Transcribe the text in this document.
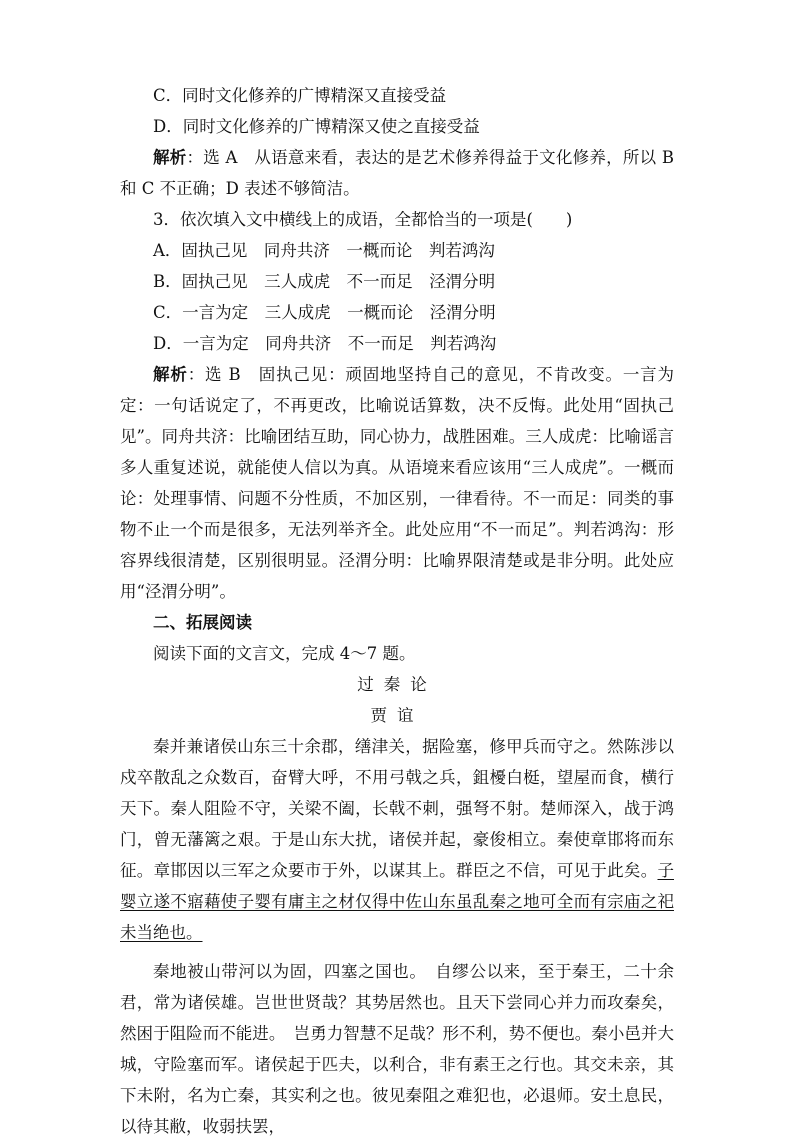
C．同时文化修养的广博精深又直接受益
D．同时文化修养的广博精深又使之直接受益
解析：选 A　从语意来看，表达的是艺术修养得益于文化修养，所以 B 和 C 不正确；D 表述不够简洁。
3．依次填入文中横线上的成语，全都恰当的一项是(　　)
A．固执己见　同舟共济　一概而论　判若鸿沟
B．固执己见　三人成虎　不一而足　泾渭分明
C．一言为定　三人成虎　一概而论　泾渭分明
D．一言为定　同舟共济　不一而足　判若鸿沟
解析：选 B　固执己见：顽固地坚持自己的意见，不肯改变。一言为定：一句话说定了，不再更改，比喻说话算数，决不反悔。此处用“固执己见”。同舟共济：比喻团结互助，同心协力，战胜困难。三人成虎：比喻谣言多人重复述说，就能使人信以为真。从语境来看应该用“三人成虎”。一概而论：处理事情、问题不分性质，不加区别，一律看待。不一而足：同类的事物不止一个而是很多，无法列举齐全。此处应用“不一而足”。判若鸿沟：形容界线很清楚，区别很明显。泾渭分明：比喻界限清楚或是非分明。此处应用“泾渭分明”。
二、拓展阅读
阅读下面的文言文，完成 4～7 题。
过秦论
贾谊
秦并兼诸侯山东三十余郡，缮津关，据险塞，修甲兵而守之。然陈涉以戍卒散乱之众数百，奋臂大呼，不用弓戟之兵，鉏櫌白梃，望屋而食，横行天下。秦人阻险不守，关梁不阖，长戟不刺，强弩不射。楚师深入，战于鸿门，曾无藩篱之艰。于是山东大扰，诸侯并起，豪俊相立。秦使章邯将而东征。章邯因以三军之众要市于外，以谋其上。群臣之不信，可见于此矣。子婴立遂不寤藉使子婴有庸主之材仅得中佐山东虽乱秦之地可全而有宗庙之祀未当绝也。
秦地被山带河以为固，四塞之国也。　自缪公以来，至于秦王，二十余君，常为诸侯雄。岂世世贤哉？其势居然也。且天下尝同心并力而攻秦矣，然困于阻险而不能进。　岂勇力智慧不足哉？形不利，势不便也。秦小邑并大城，守险塞而军。诸侯起于匹夫，以利合，非有素王之行也。其交未亲，其下未附，名为亡秦，其实利之也。彼见秦阻之难犯也，必退师。安土息民，以待其敝，收弱扶罢，
